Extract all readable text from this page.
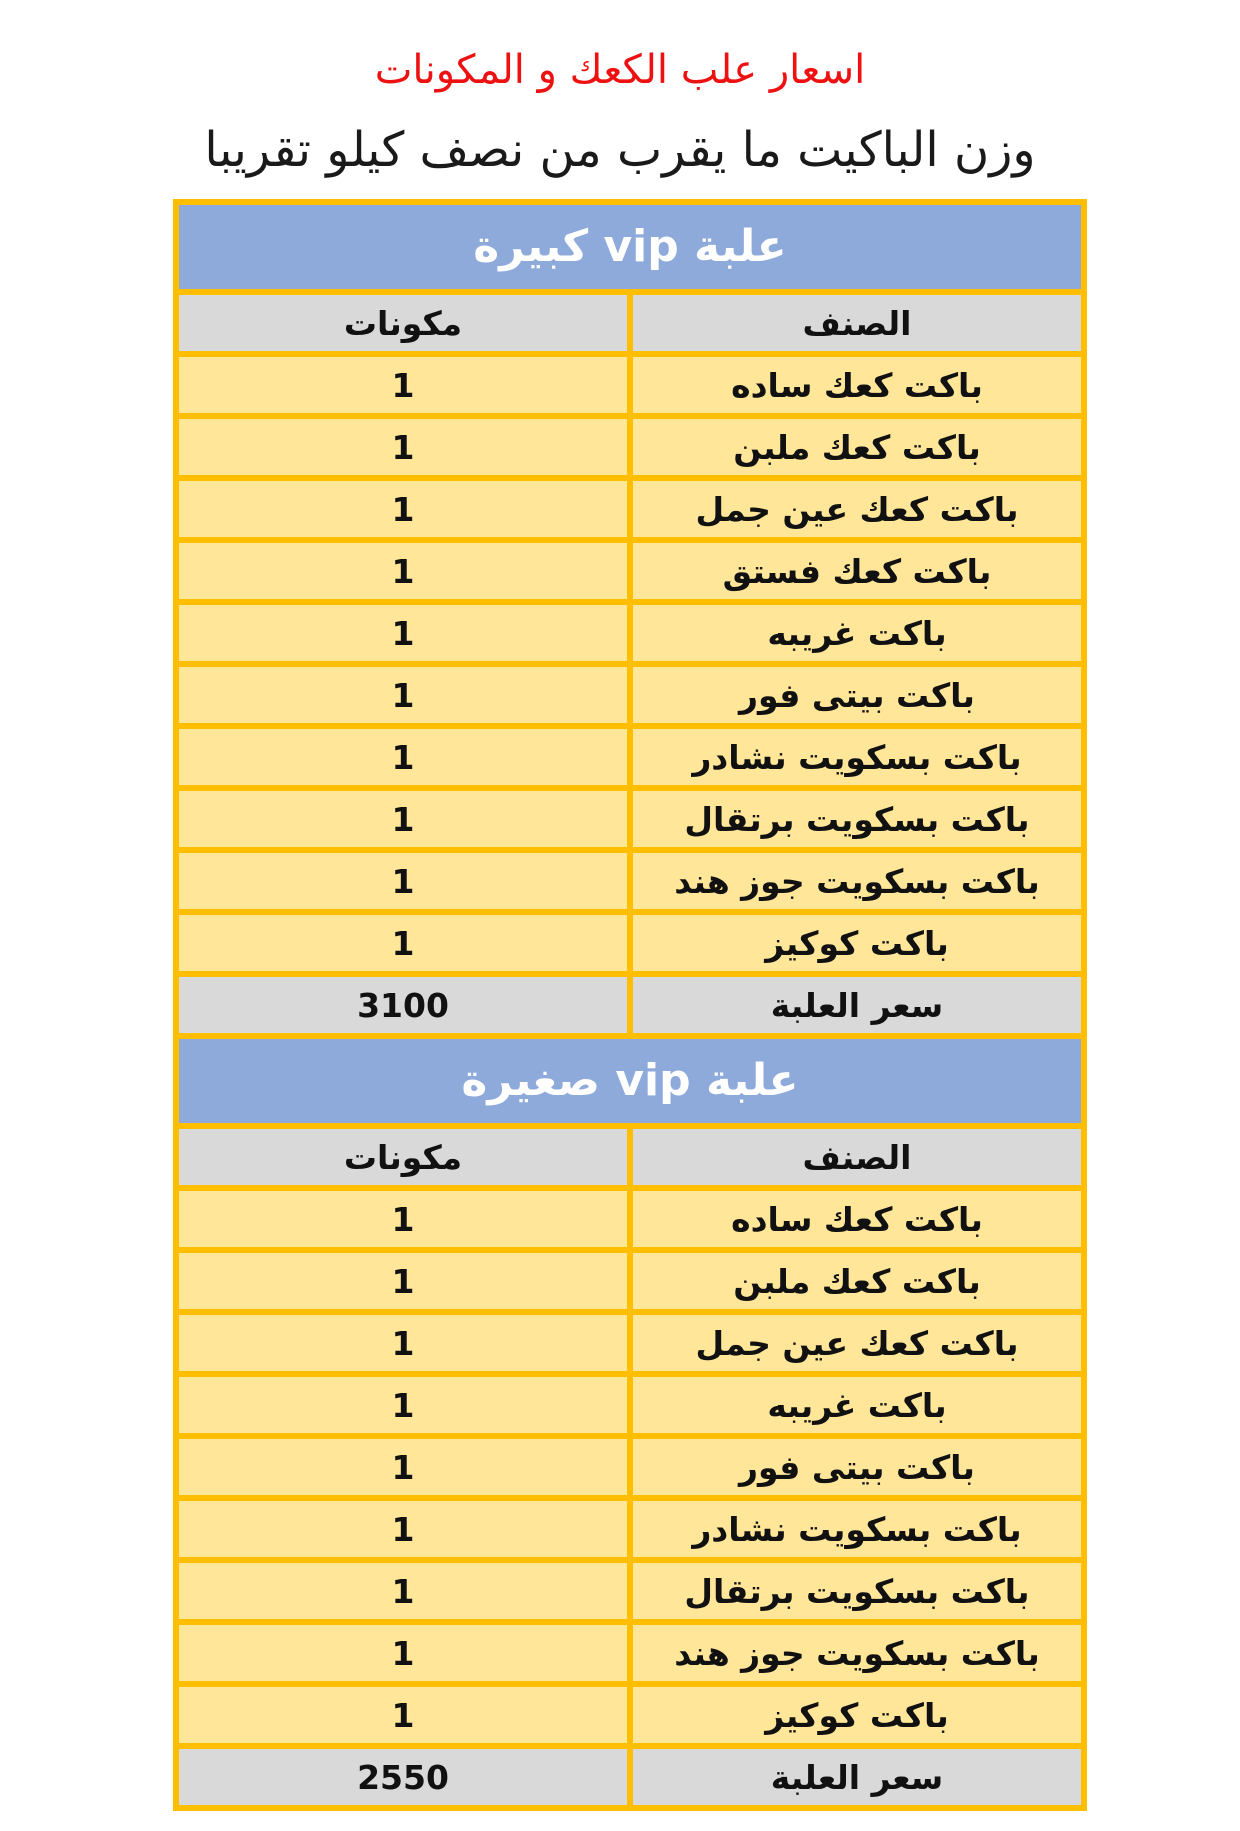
اسعار علب الكعك و المكونات
وزن الباكيت ما يقرب من نصف كيلو تقريبا
علبة vip كبيرة	
الصنف	مكونات
باكت كعك ساده	1
باكت كعك ملبن	1
باكت كعك عين جمل	1
باكت كعك فستق	1
باكت غريبه	1
باكت بيتى فور	1
باكت بسكويت نشادر	1
باكت بسكويت برتقال	1
باكت بسكويت جوز هند	1
باكت كوكيز	1
سعر العلبة	3100
علبة vip صغيرة	
الصنف	مكونات
باكت كعك ساده	1
باكت كعك ملبن	1
باكت كعك عين جمل	1
باكت غريبه	1
باكت بيتى فور	1
باكت بسكويت نشادر	1
باكت بسكويت برتقال	1
باكت بسكويت جوز هند	1
باكت كوكيز	1
سعر العلبة	2550
